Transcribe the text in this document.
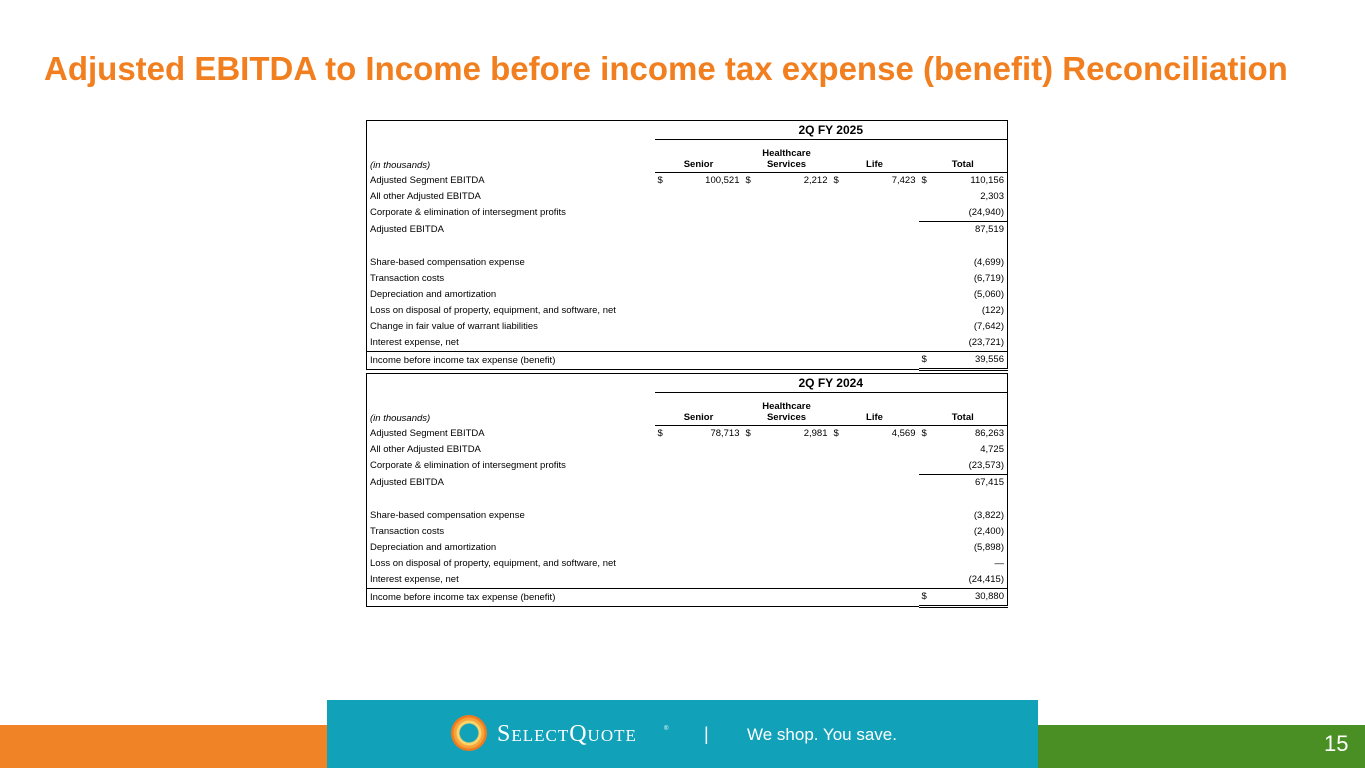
Adjusted EBITDA to Income before income tax expense (benefit) Reconciliation
	2Q FY 2025							
(in thousands)	Senior		Healthcare
Services		Life		Total	
Adjusted Segment EBITDA	$	100,521	$	2,212	$	7,423	$	110,156
All other Adjusted EBITDA								2,303
Corporate & elimination of intersegment profits								(24,940)
Adjusted EBITDA								87,519

Share-based compensation expense								(4,699)
Transaction costs								(6,719)
Depreciation and amortization								(5,060)
Loss on disposal of property, equipment, and software, net								(122)
Change in fair value of warrant liabilities								(7,642)
Interest expense, net								(23,721)
Income before income tax expense (benefit)							$	39,556
	2Q FY 2024							
(in thousands)	Senior		Healthcare
Services		Life		Total	
Adjusted Segment EBITDA	$	78,713	$	2,981	$	4,569	$	86,263
All other Adjusted EBITDA								4,725
Corporate & elimination of intersegment profits								(23,573)
Adjusted EBITDA								67,415

Share-based compensation expense								(3,822)
Transaction costs								(2,400)
Depreciation and amortization								(5,898)
Loss on disposal of property, equipment, and software, net								—
Interest expense, net								(24,415)
Income before income tax expense (benefit)							$	30,880
SelectQuote	® | We shop. You save.	15
